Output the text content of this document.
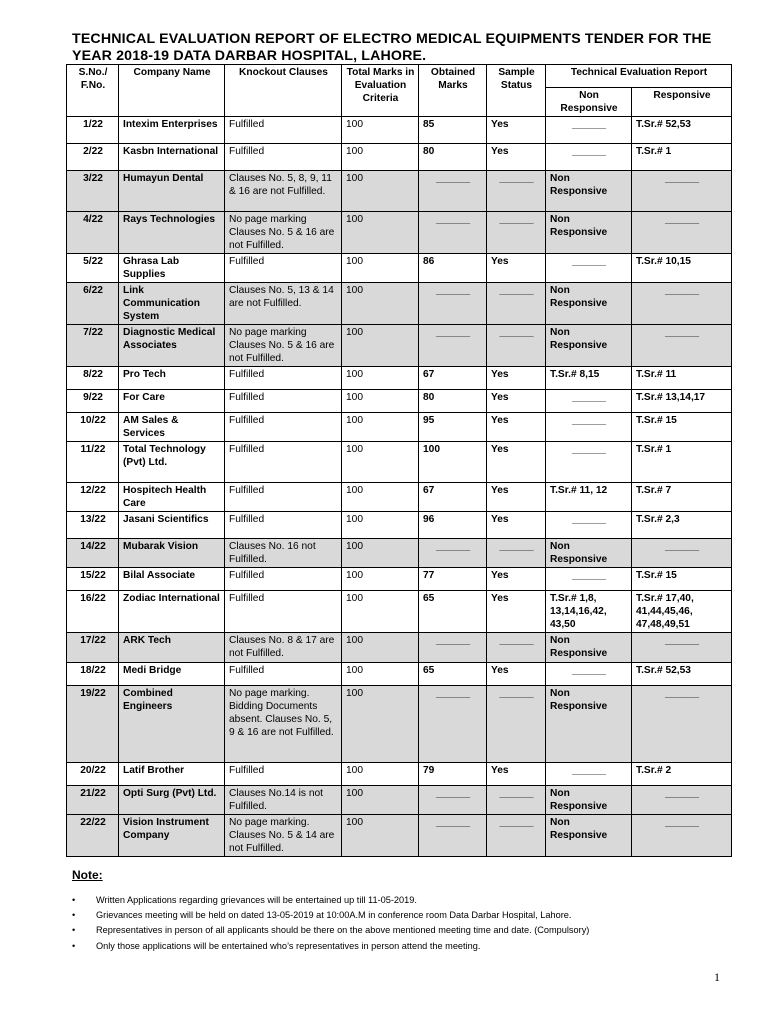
TECHNICAL EVALUATION REPORT OF ELECTRO MEDICAL EQUIPMENTS TENDER FOR THE YEAR 2018-19 DATA DARBAR HOSPITAL, LAHORE.
S.No./ F.No.	Company Name	Knockout Clauses	Total Marks in Evaluation Criteria	Obtained Marks	Sample Status	Technical Evaluation Report	
						Non Responsive	Responsive
1/22	Intexim Enterprises	Fulfilled	100	85	Yes	______	T.Sr.# 52,53
2/22	Kasbn International	Fulfilled	100	80	Yes	______	T.Sr.# 1
3/22	Humayun Dental	Clauses No. 5, 8, 9, 11 & 16 are not Fulfilled.	100	______	______	Non Responsive	______
4/22	Rays Technologies	No page marking Clauses No. 5 & 16 are not Fulfilled.	100	______	______	Non Responsive	______
5/22	Ghrasa Lab Supplies	Fulfilled	100	86	Yes	______	T.Sr.# 10,15
6/22	Link Communication System	Clauses No. 5, 13 & 14 are not Fulfilled.	100	______	______	Non Responsive	______
7/22	Diagnostic Medical Associates	No page marking Clauses No. 5 & 16 are not Fulfilled.	100	______	______	Non Responsive	______
8/22	Pro Tech	Fulfilled	100	67	Yes	T.Sr.# 8,15	T.Sr.# 11
9/22	For Care	Fulfilled	100	80	Yes	______	T.Sr.# 13,14,17
10/22	AM Sales & Services	Fulfilled	100	95	Yes	______	T.Sr.# 15
11/22	Total Technology (Pvt) Ltd.	Fulfilled	100	100	Yes	______	T.Sr.# 1
12/22	Hospitech Health Care	Fulfilled	100	67	Yes	T.Sr.# 11, 12	T.Sr.# 7
13/22	Jasani Scientifics	Fulfilled	100	96	Yes	______	T.Sr.# 2,3
14/22	Mubarak Vision	Clauses No. 16 not Fulfilled.	100	______	______	Non Responsive	______
15/22	Bilal Associate	Fulfilled	100	77	Yes	______	T.Sr.# 15
16/22	Zodiac International	Fulfilled	100	65	Yes	T.Sr.# 1,8, 13,14,16,42, 43,50	T.Sr.# 17,40, 41,44,45,46, 47,48,49,51
17/22	ARK Tech	Clauses No. 8 & 17 are not Fulfilled.	100	______	______	Non Responsive	______
18/22	Medi Bridge	Fulfilled	100	65	Yes	______	T.Sr.# 52,53
19/22	Combined Engineers	No page marking. Bidding Documents absent. Clauses No. 5, 9 & 16 are not Fulfilled.	100	______	______	Non Responsive	______
20/22	Latif Brother	Fulfilled	100	79	Yes	______	T.Sr.# 2
21/22	Opti Surg (Pvt) Ltd.	Clauses No.14 is not Fulfilled.	100	______	______	Non Responsive	______
22/22	Vision Instrument Company	No page marking. Clauses No. 5 & 14 are not Fulfilled.	100	______	______	Non Responsive	______
Note:
• Written Applications regarding grievances will be entertained up till 11-05-2019.
• Grievances meeting will be held on dated 13-05-2019 at 10:00A.M in conference room Data Darbar Hospital, Lahore.
• Representatives in person of all applicants should be there on the above mentioned meeting time and date. (Compulsory)
• Only those applications will be entertained who’s representatives in person attend the meeting.
1
